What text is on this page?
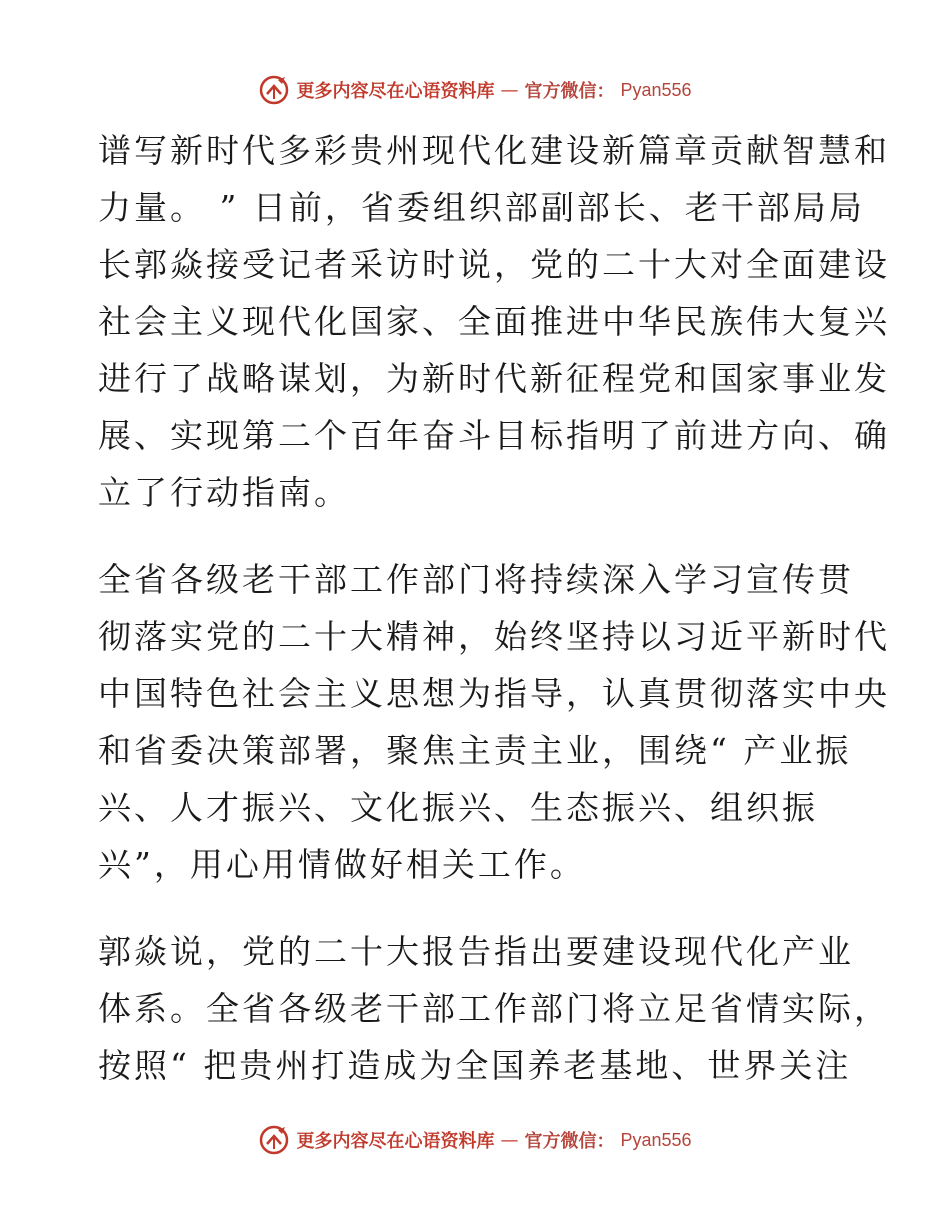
更多内容尽在心语资料库 — 官方微信： Pyan556
谱写新时代多彩贵州现代化建设新篇章贡献智慧和
力量。 ” 日前，省委组织部副部长、老干部局局
长郭焱接受记者采访时说，党的二十大对全面建设
社会主义现代化国家、全面推进中华民族伟大复兴
进行了战略谋划，为新时代新征程党和国家事业发
展、实现第二个百年奋斗目标指明了前进方向、确
立了行动指南。
全省各级老干部工作部门将持续深入学习宣传贯
彻落实党的二十大精神，始终坚持以习近平新时代
中国特色社会主义思想为指导，认真贯彻落实中央
和省委决策部署，聚焦主责主业，围绕“ 产业振
兴、人才振兴、文化振兴、生态振兴、组织振
兴”，用心用情做好相关工作。
郭焱说，党的二十大报告指出要建设现代化产业
体系。全省各级老干部工作部门将立足省情实际，
按照“ 把贵州打造成为全国养老基地、世界关注
更多内容尽在心语资料库 — 官方微信： Pyan556
